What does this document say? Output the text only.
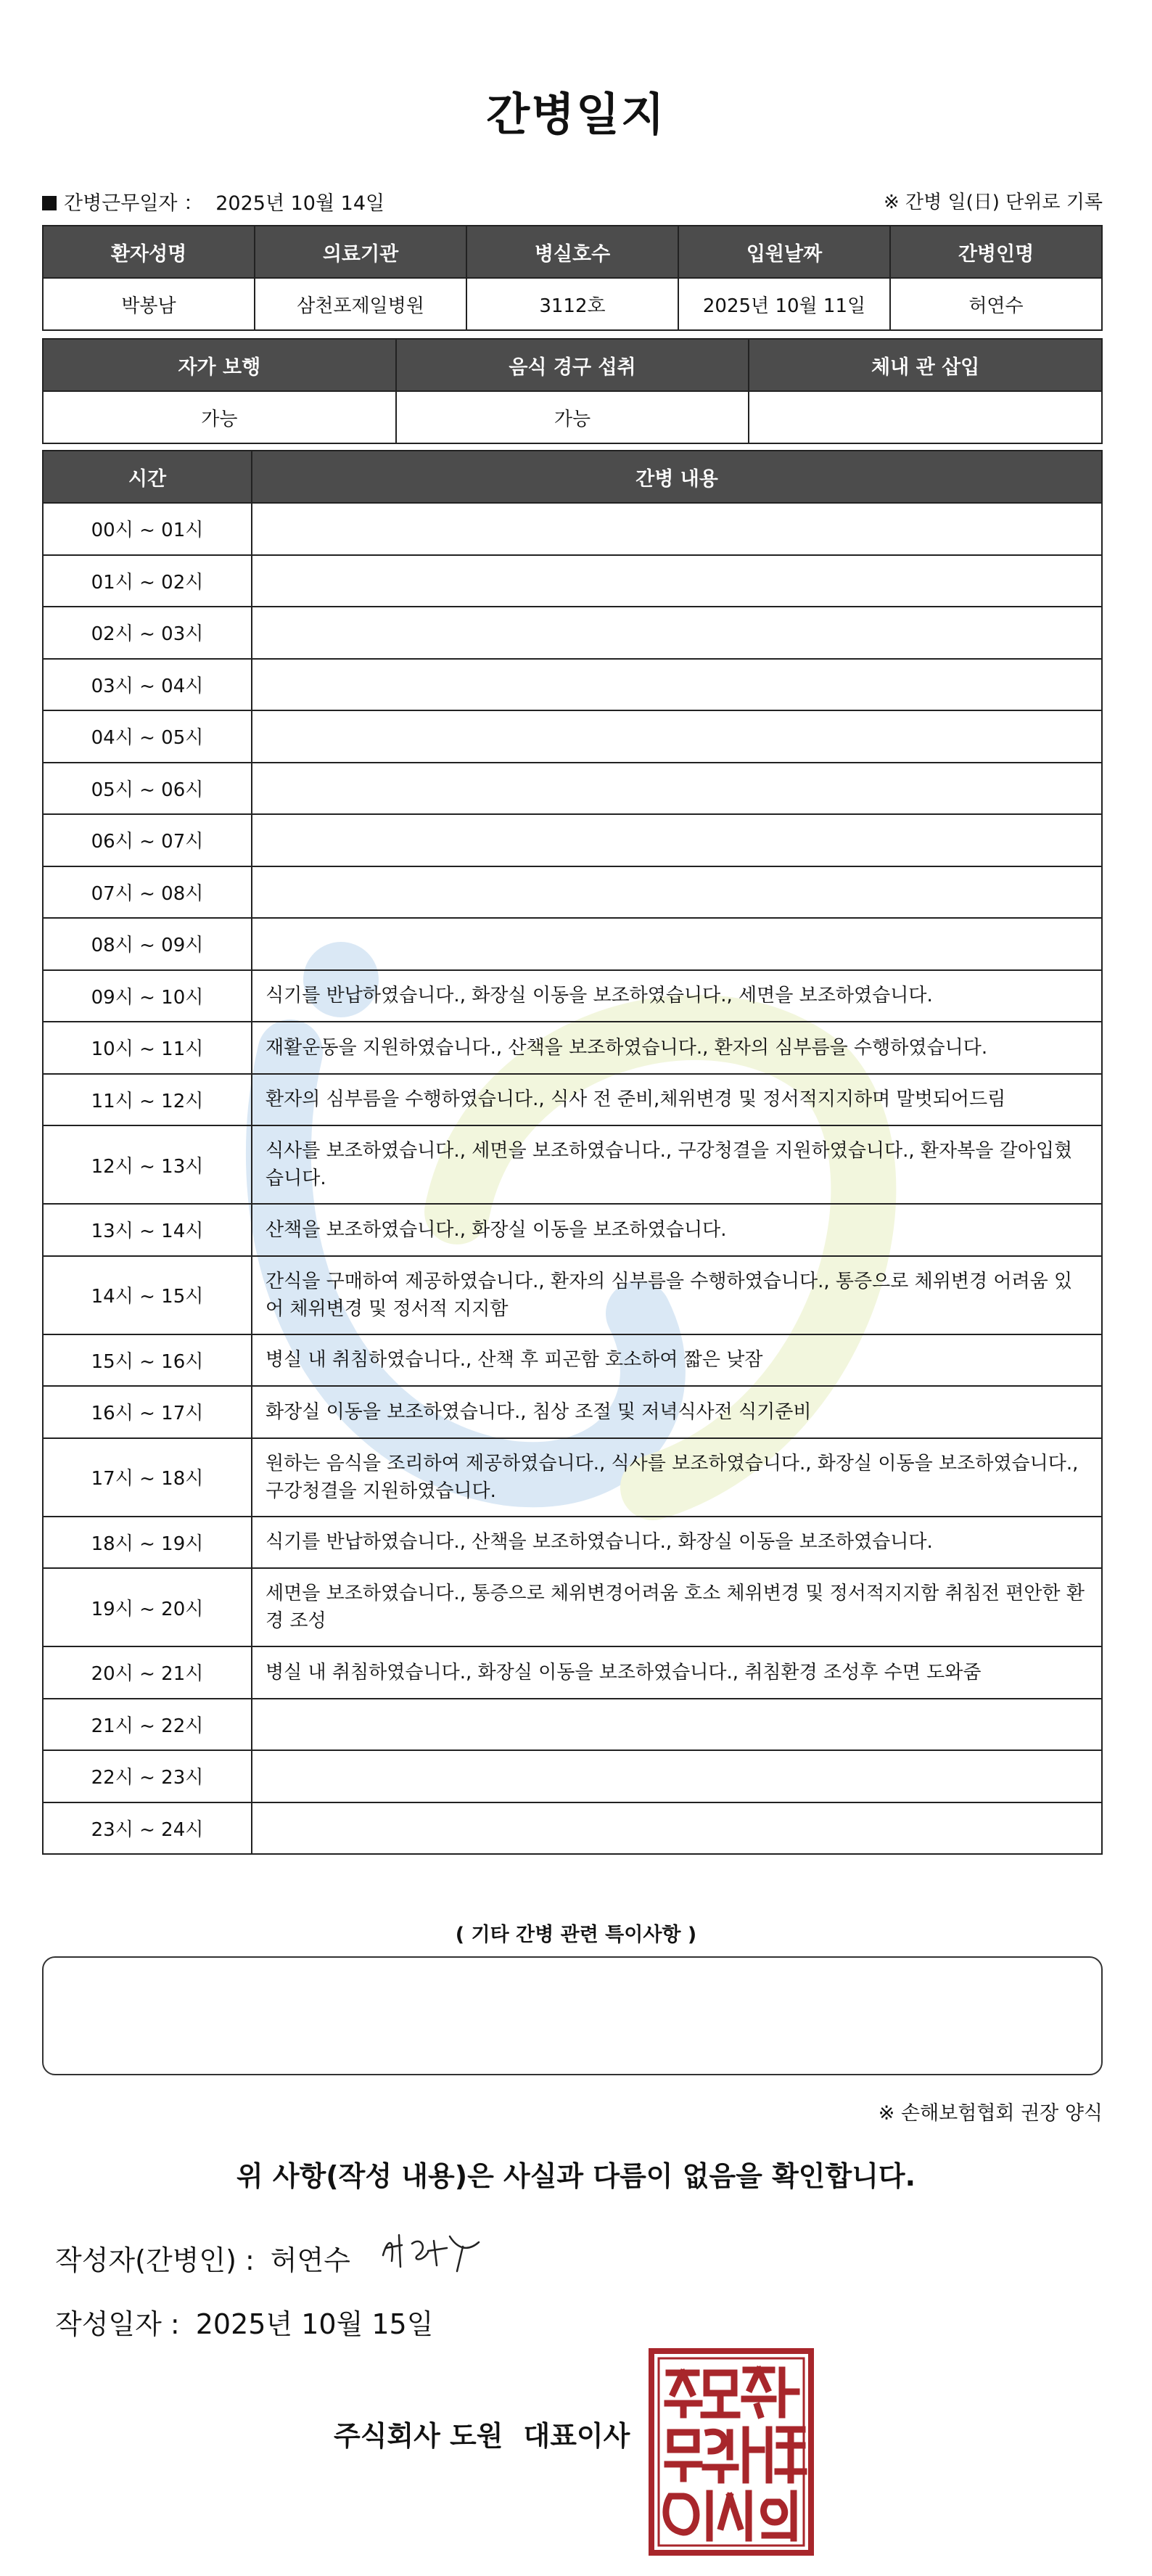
간병일지
간병근무일자 ： 2025년 10월 14일	※ 간병 일(日) 단위로 기록
환자성명	의료기관	병실호수	입원날짜	간병인명
박봉남	삼천포제일병원	3112호	2025년 10월 11일	허연수
자가 보행	음식 경구 섭취	체내 관 삽입
가능	가능	
시간	간병 내용
00시 ~ 01시	
01시 ~ 02시	
02시 ~ 03시	
03시 ~ 04시	
04시 ~ 05시	
05시 ~ 06시	
06시 ~ 07시	
07시 ~ 08시	
08시 ~ 09시	
09시 ~ 10시	식기를 반납하였습니다., 화장실 이동을 보조하였습니다., 세면을 보조하였습니다.
10시 ~ 11시	재활운동을 지원하였습니다., 산책을 보조하였습니다., 환자의 심부름을 수행하였습니다.
11시 ~ 12시	환자의 심부름을 수행하였습니다., 식사 전 준비,체위변경 및 정서적지지하며 말벗되어드림
12시 ~ 13시	식사를 보조하였습니다., 세면을 보조하였습니다., 구강청결을 지원하였습니다., 환자복을 갈아입혔습니다.
13시 ~ 14시	산책을 보조하였습니다., 화장실 이동을 보조하였습니다.
14시 ~ 15시	간식을 구매하여 제공하였습니다., 환자의 심부름을 수행하였습니다., 통증으로 체위변경 어려움 있어 체위변경 및 정서적 지지함
15시 ~ 16시	병실 내 취침하였습니다., 산책 후 피곤함 호소하여 짧은 낮잠
16시 ~ 17시	화장실 이동을 보조하였습니다., 침상 조절 및 저녁식사전 식기준비
17시 ~ 18시	원하는 음식을 조리하여 제공하였습니다., 식사를 보조하였습니다., 화장실 이동을 보조하였습니다., 구강청결을 지원하였습니다.
18시 ~ 19시	식기를 반납하였습니다., 산책을 보조하였습니다., 화장실 이동을 보조하였습니다.
19시 ~ 20시	세면을 보조하였습니다., 통증으로 체위변경어려움 호소 체위변경 및 정서적지지함 취침전 편안한 환경 조성
20시 ~ 21시	병실 내 취침하였습니다., 화장실 이동을 보조하였습니다., 취침환경 조성후 수면 도와줌
21시 ~ 22시	
22시 ~ 23시	
23시 ~ 24시	
( 기타 간병 관련 특이사항 )
※ 손해보험협회 권장 양식
위 사항(작성 내용)은 사실과 다름이 없음을 확인합니다.
작성자(간병인) : 허연수
작성일자 : 2025년 10월 15일
주식회사 도원 대표이사
